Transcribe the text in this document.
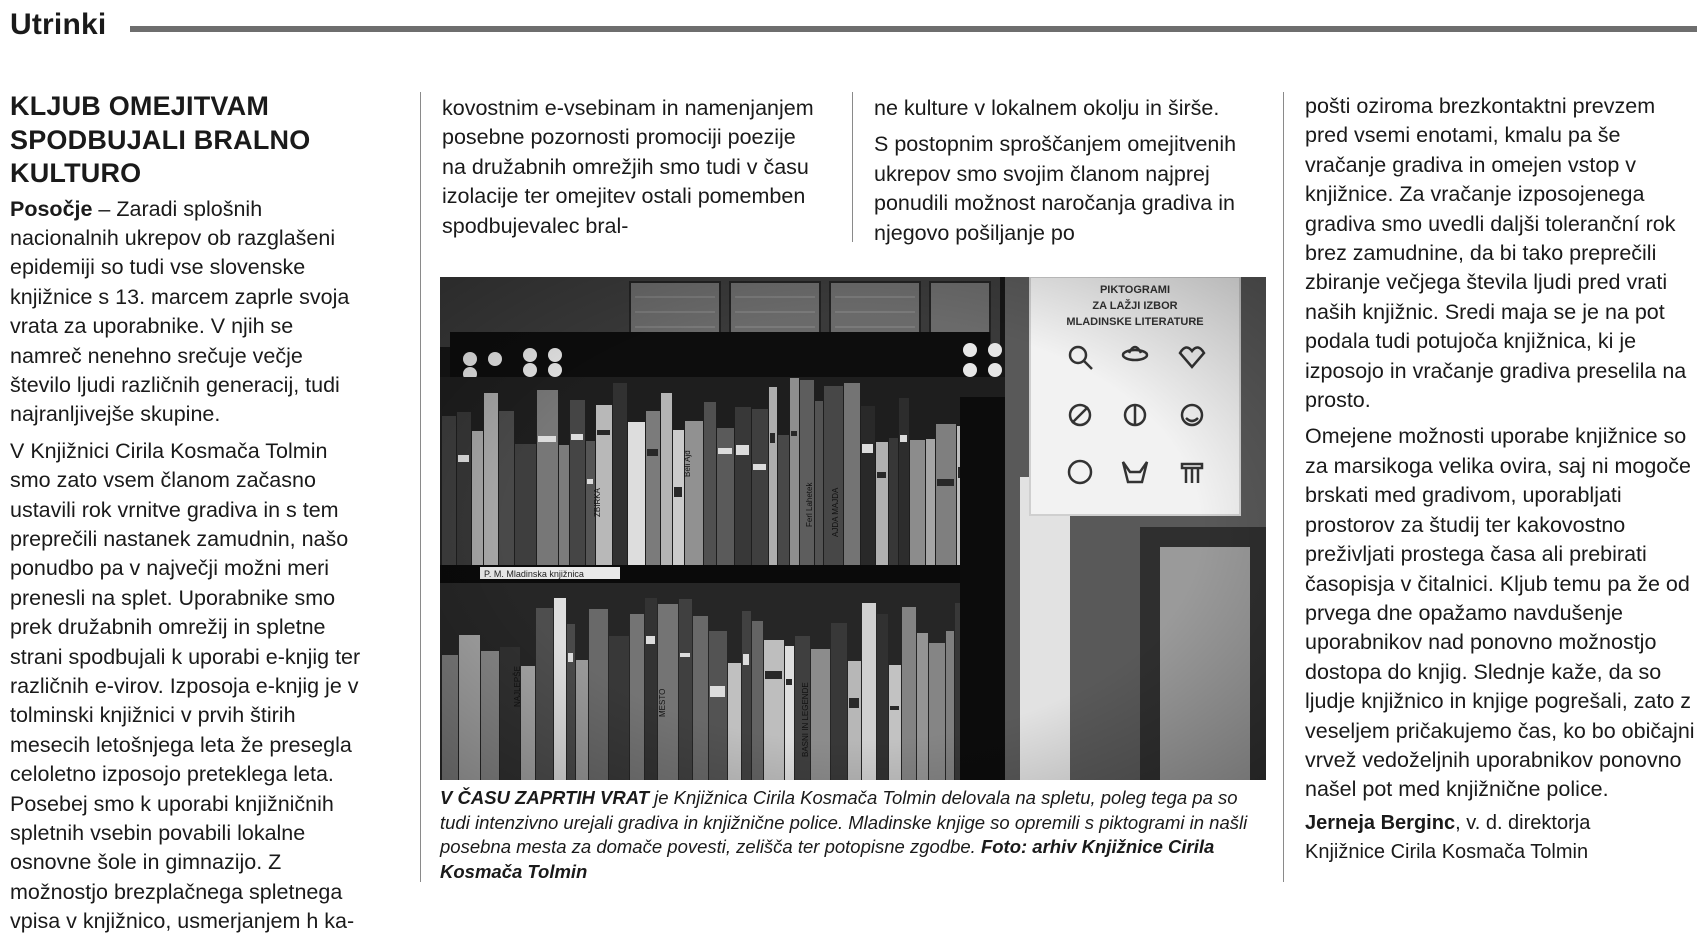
Utrinki
KLJUB OMEJITVAM
SPODBUJALI BRALNO
KULTURO

Posočje – Zaradi splošnih nacionalnih ukrepov ob razglašeni epidemiji so tudi vse slovenske knjižnice s 13. marcem zaprle svoja vrata za uporabnike. V njih se namreč nenehno srečuje večje število ljudi različnih generacij, tudi najranljivejše skupine.

V Knjižnici Cirila Kosmača Tolmin smo zato vsem članom začasno ustavili rok vrnitve gradiva in s tem preprečili nastanek zamudnin, našo ponudbo pa v največji možni meri prenesli na splet. Uporabnike smo prek družabnih omrežij in spletne strani spodbujali k uporabi e-knjig ter različnih e-virov. Izposoja e-knjig je v tolminski knjižnici v prvih štirih mesecih letošnjega leta že presegla celoletno izposojo preteklega leta. Posebej smo k uporabi knjižničnih spletnih vsebin povabili lokalne osnovne šole in gimnazijo. Z možnostjo brezplačnega spletnega vpisa v knjižnico, usmerjanjem h ka-

kovostnim e-vsebinam in namenjanjem posebne pozornosti promociji poezije na družabnih omrežjih smo tudi v času izolacije ter omejitev ostali pomemben spodbujevalec bral-

ne kulture v lokalnem okolju in širše.

S postopnim sproščanjem omejitvenih ukrepov smo svojim članom najprej ponudili možnost naročanja gradiva in njegovo pošiljanje po

pošti oziroma brezkontaktni prevzem pred vsemi enotami, kmalu pa še vračanje gradiva in omejen vstop v knjižnice. Za vračanje izposojenega gradiva smo uvedli daljši toleranční rok brez zamudnine, da bi tako preprečili zbiranje večjega števila ljudi pred vrati naših knjižnic. Sredi maja se je na pot podala tudi potujoča knjižnica, ki je izposojo in vračanje gradiva preselila na prosto.

Omejene možnosti uporabe knjižnice so za marsikoga velika ovira, saj ni mogoče brskati med gradivom, uporabljati prostorov za študij ter kakovostno preživljati prostega časa ali prebirati časopisja v čitalnici. Kljub temu pa že od prvega dne opažamo navdušenje uporabnikov nad ponovno možnostjo dostopa do knjig. Slednje kaže, da so ljudje knjižnico in knjige pogrešali, zato z veseljem pričakujemo čas, ko bo običajni vrvež vedoželjnih uporabnikov ponovno našel pot med knjižnične police.

Jerneja Berginc, v. d. direktorja
Knjižnice Cirila Kosmača Tolmin
P. M. Mladinska knjižnica
ZBIRKA
Beli Ajd
Ferl Lahetek AJDA MAJDA
NAJLEPŠE	MESTO	BASNI IN LEGENDE
PIKTOGRAMI
ZA LAŽJI IZBOR
MLADINSKE LITERATURE
V ČASU ZAPRTIH VRAT je Knjižnica Cirila Kosmača Tolmin delovala na spletu, poleg tega pa so tudi intenzivno urejali gradiva in knjižnične police. Mladinske knjige so opremili s piktogrami in našli posebna mesta za domače povesti, zelišča ter potopisne zgodbe. Foto: arhiv Knjižnice Cirila Kosmača Tolmin
